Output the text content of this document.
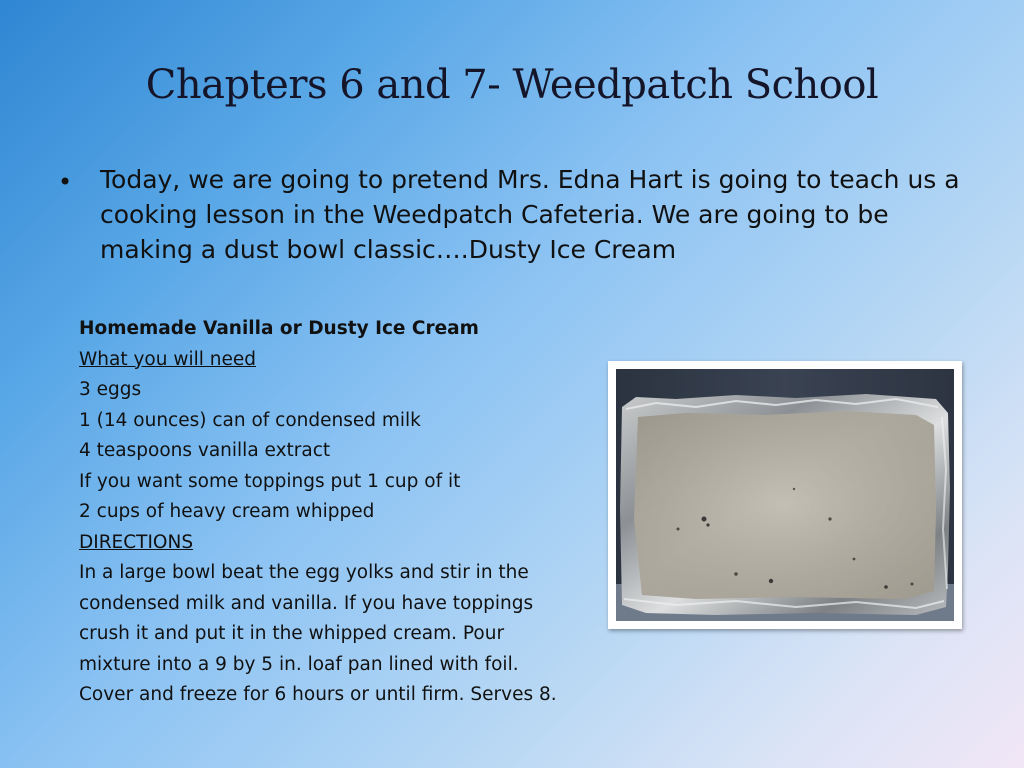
Chapters 6 and 7- Weedpatch School
• Today, we are going to pretend Mrs. Edna Hart is going to teach us a cooking lesson in the Weedpatch Cafeteria. We are going to be making a dust bowl classic….Dusty Ice Cream
Homemade Vanilla or Dusty Ice Cream
What you will need
3 eggs
1 (14 ounces) can of condensed milk
4 teaspoons vanilla extract
If you want some toppings put 1 cup of it
2 cups of heavy cream whipped
DIRECTIONS
In a large bowl beat the egg yolks and stir in the condensed milk and vanilla. If you have toppings crush it and put it in the whipped cream. Pour mixture into a 9 by 5 in. loaf pan lined with foil. Cover and freeze for 6 hours or until firm. Serves 8.
